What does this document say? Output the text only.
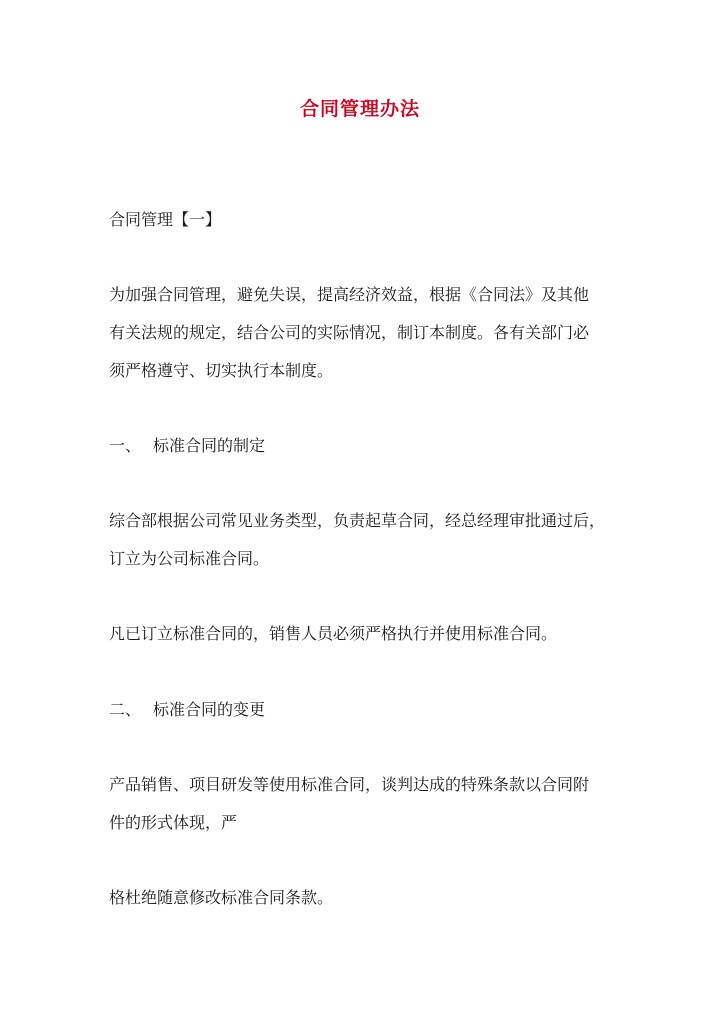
合同管理办法
合同管理【一】
为加强合同管理，避免失误，提高经济效益，根据《合同法》及其他
有关法规的规定，结合公司的实际情况，制订本制度。各有关部门必
须严格遵守、切实执行本制度。
一、 标准合同的制定
综合部根据公司常见业务类型，负责起草合同，经总经理审批通过后，
订立为公司标准合同。
凡已订立标准合同的，销售人员必须严格执行并使用标准合同。
二、 标准合同的变更
产品销售、项目研发等使用标准合同，谈判达成的特殊条款以合同附
件的形式体现，严
格杜绝随意修改标准合同条款。
